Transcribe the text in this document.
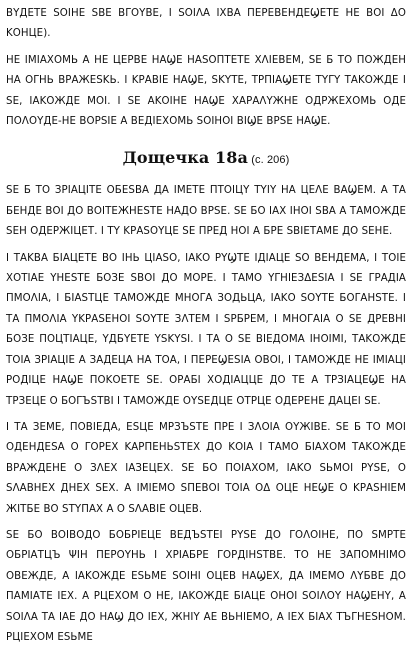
ΒΥДΕΤΕ ЅОΙΗΕ ЅΒΕ ΒΓОΥΒΕ, Ι ЅОΙΛΑ ΙΧΒΑ ΠΕΡΕΒΕΗДΕϢΕΤΕ ΗΕ ΒΟΙ ΔΟ ΚΟΗЦΕ).

ΗΕ ΙΜΙΑΧΟΜЬ Α ΗΕ ЦΕΡΒΕ ΗΑϢΕ ΗΑЅΟΠΤΕΤΕ ΧΛΙΕΒΕΜ, ЅΕ Б ΤΟ ΠΟЖДΕΗ ΗΑ ΟΓΗЬ ΒΡΑЖΕЅΚЬ. Ι ΚΡΑΒΙΕ ΗΑϢΕ, ЅΚΥΤΕ, ΤΡΠΙΑϢΕΤΕ ΤΥΓΥ ΤΑΚΟЖДΕ Ι ЅΕ, ΙΑΚΟЖДΕ ΜΟΙ. Ι ЅΕ ΑΚΟΙΗΕ ΗΑϢΕ ΧΑΡΑΛΥЖΗΕ ΟДΡЖΕΧΟΜЬ ΟДΕ ΠΟΛΟΥДΕ-ΗΕ ΒΟΡЅΙΕ Α ΒΕДΙΕΧΟΜЬ ЅΟΙΗΟΙ ΒΙϢΕ ΒΡЅΕ ΗΑϢΕ.

Дοщечка 18а (с. 206)

ЅΕ Б ΤΟ ЗΡΙΑЦΙΤΕ ΟБΕЅΒΑ ДΑ ΙΜΕΤΕ ΠΤΟΙЦΥ ΤΥΙΥ ΗΑ ЦΕΛΕ ΒΑϢΕΜ. Α ΤΑ БΕΗДΕ ΒΟΙ ДΟ ΒΟΙΤΕЖΗΕЅΤΕ ΗΑДΟ ΒΡЅΕ. ЅΕ БΟ ΙΑΧ ΙΗΟΙ ЅΒΑ Α ΤΑΜΟЖДΕ ЅΕΗ ΟДΕΡЖΙЦΕΤ. Ι ΤΥ ΚΡΑЅΟΥЦΕ ЅΕ ΠΡΕД ΗΟΙ Α БΡΕ ЅΒΙΕΤΑΜΕ ДΟ ЅΕΗΕ.

Ι ΤΑΚΒΑ БΙΑЦΕΤΕ ΒΟ ΙΗЬ ЦΙΑЅΟ, ΙΑΚΟ ΡΥϢΤΕ ΙДΙΑЦΕ ЅΟ ΒΕΗДΕΜΑ, Ι ΤΟΙΕ ΧΟΤΙΑΕ ΥΗΕЅΤΕ БΟЗΕ ЅΒΟΙ ДΟ ΜΟΡΕ. Ι ΤΑΜΟ ΥΓΗΙΕЗΔΕЅΙΑ Ι ЅΕ ΓΡΑДΙΑ ΠΜΟΛΙΑ, Ι БΙΑЅΤЦΕ ΤΑΜΟЖДΕ ΜΗΟΓΑ ЗΟДЬЦΑ, ΙΑΚΟ ЅΟΥΤΕ БΟΓΑΗЅΤΕ. Ι ΤΑ ΠΜΟΛΙΑ ΥΚΡΑЅΕΗΟΙ ЅΟΥΤΕ ЗΛΤΕΜ Ι ЅΡБΡΕΜ, Ι ΜΗΟΓΑΙΑ Ο ЅΕ ДΡΕΒΗΙ БΟЗΕ ΠΟЦΤΙΑЦΕ, ΥДБΥΕΤΕ ΥЅΚΥЅΙ. Ι ΤΑ Ο ЅΕ ΒΙΕДΟΜΑ ΙΗΟΙΜΙ, ΤΑΚΟЖДΕ ΤΟΙΑ ЗΡΙΑЦΙΕ Α ЗΑДΕЦΑ ΗΑ ΤΟΑ, Ι ΠΕΡΕϢΕЅΙΑ ΟΒΟΙ, Ι ΤΑΜΟЖДΕ ΗΕ ΙΜΙΑЦΙ ΡΟДΙЦΕ ΗΑϢΕ ΠΟΚΟΕΤΕ ЅΕ. ΟΡΑБΙ ΧΟДΙΑЦЦΕ ДΟ ΤΕ Α ΤΡЗΙΑЦΕϢΕ ΗΑ ΤΡЗΕЦΕ Ο БΟΓЪЅΤΒΙ Ι ΤΑΜΟЖДΕ ΟΥЅΕДЦΕ ΟΤΡЦΕ ΟДΕΡΕΗΕ ДΑЦΕΙ ЅΕ.

Ι ΤΑ ЗΕΜΕ, ΠΟΒΙΕДΑ, ΕЅЦΕ ΜΡЗЪЅΤΕ ΠΡΕ Ι ЗΛΟΙΑ ΟΥЖΙΒΕ. ЅΕ Б ΤΟ ΜΟΙ ΟДΕΗДΕЅΑ Ο ΓΟΡΕΧ ΚΑΡΠΕΗЬЅΤΕΧ ДΟ ΚΟΙΑ Ι ΤΑΜΟ БΙΑΧΟΜ ΤΑΚΟЖДΕ ΒΡΑЖДΕΗΕ Ο ЗΛΕΧ ΙΑЗΕЦΕΧ. ЅΕ БΟ ΠΟΙΑΧΟΜ, ΙΑΚΟ ЅЬΜΟΙ ΡΥЅΕ, Ο ЅΛΑΒΗΕΧ ДΗΕΧ ЅΕΧ. Α ΙΜΙΕΜΟ ЅΠΕΒΟΙ ΤΟΙΑ ΟΔ ΟЦΕ ΗΕϢΕ Ο ΚΡΑЅΗΙΕΜ ЖΙΤБΕ ΒΟ ЅΤΥΠΑΧ Α Ο ЅΛΑΒΙΕ ΟЦΕΒ.

ЅΕ БΟ ΒΟΙΒΟДΟ БΟБΡΙΕЦΕ ΒΕДЪЅΤΕΙ ΡΥЅΕ ДΟ ΓΟΛΟΙΗΕ, ΠΟ ЅΜΡΤΕ ΟБΡΙΑΤЦЪ ΨΙΗ ΠΕΡΟΥΗЬ Ι ΧΡΙΑБΡΕ ΓΟΡДΙΗЅΤΒΕ. ΤΟ ΗΕ ЗΑΠΟΜΗΙΜΟ ΟΒΕЖДΕ, Α ΙΑΚΟЖДΕ ЕЅЬΜΕ ЅΟΙΗΙ ΟЦΕΒ ΗΑϢΕΧ, ДΑ ΙΜΕΜΟ ΛΥБΒΕ ДΟ ΠΑΜΙΑΤΕ ΙΕΧ. Α ΡЦΕΧΟΜ Ο ΗΕ, ΙΑΚΟЖДΕ БΙΑЦΕ ΟΗΟΙ ЅΟΙΛΟΥ ΗΑϢΕΗΥ, Α ЅΟΙΛΑ ΤΑ ΙΑΕ ДΟ ΗΑϢ ДΟ ΙΕΧ, ЖΗΙΥ ΑΕ ΒЬΗΙΕΜΟ, Α ΙΕΧ БΙΑΧ ΤЪΓΗΕЅΗΟΜ. ΡЦΙΕΧΟΜ ЕЅЬΜΕ
